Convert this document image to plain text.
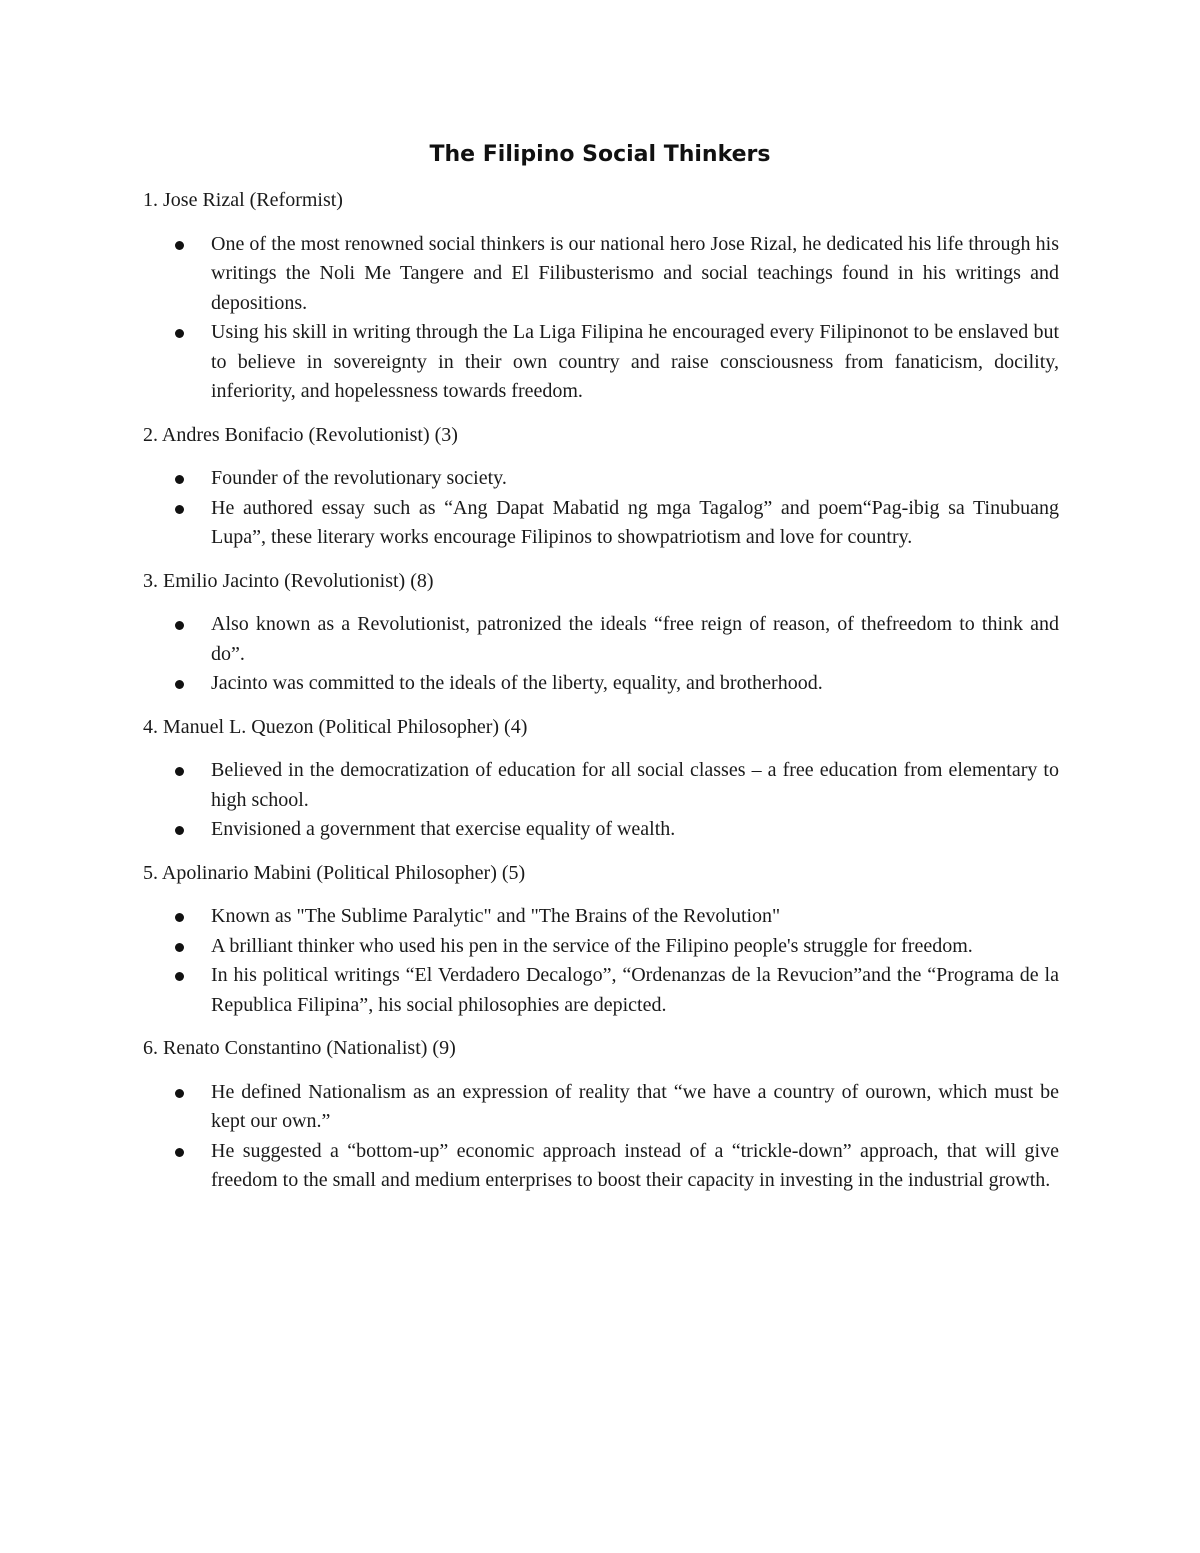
The Filipino Social Thinkers
1. Jose Rizal (Reformist)
One of the most renowned social thinkers is our national hero Jose Rizal, he dedicated his life through his writings the Noli Me Tangere and El Filibusterismo and social teachings found in his writings and depositions.
Using his skill in writing through the La Liga Filipina he encouraged every Filipinonot to be enslaved but to believe in sovereignty in their own country and raise consciousness from fanaticism, docility, inferiority, and hopelessness towards freedom.
2. Andres Bonifacio (Revolutionist) (3)
Founder of the revolutionary society.
He authored essay such as “Ang Dapat Mabatid ng mga Tagalog” and poem“Pag-ibig sa Tinubuang Lupa”, these literary works encourage Filipinos to showpatriotism and love for country.
3. Emilio Jacinto (Revolutionist) (8)
Also known as a Revolutionist, patronized the ideals “free reign of reason, of thefreedom to think and do”.
Jacinto was committed to the ideals of the liberty, equality, and brotherhood.
4. Manuel L. Quezon (Political Philosopher) (4)
Believed in the democratization of education for all social classes – a free education from elementary to high school.
Envisioned a government that exercise equality of wealth.
5. Apolinario Mabini (Political Philosopher) (5)
Known as "The Sublime Paralytic" and "The Brains of the Revolution"
A brilliant thinker who used his pen in the service of the Filipino people's struggle for freedom.
In his political writings “El Verdadero Decalogo”, “Ordenanzas de la Revucion”and the “Programa de la Republica Filipina”, his social philosophies are depicted.
6. Renato Constantino (Nationalist) (9)
He defined Nationalism as an expression of reality that “we have a country of ourown, which must be kept our own.”
He suggested a “bottom-up” economic approach instead of a “trickle-down” approach, that will give freedom to the small and medium enterprises to boost their capacity in investing in the industrial growth.
